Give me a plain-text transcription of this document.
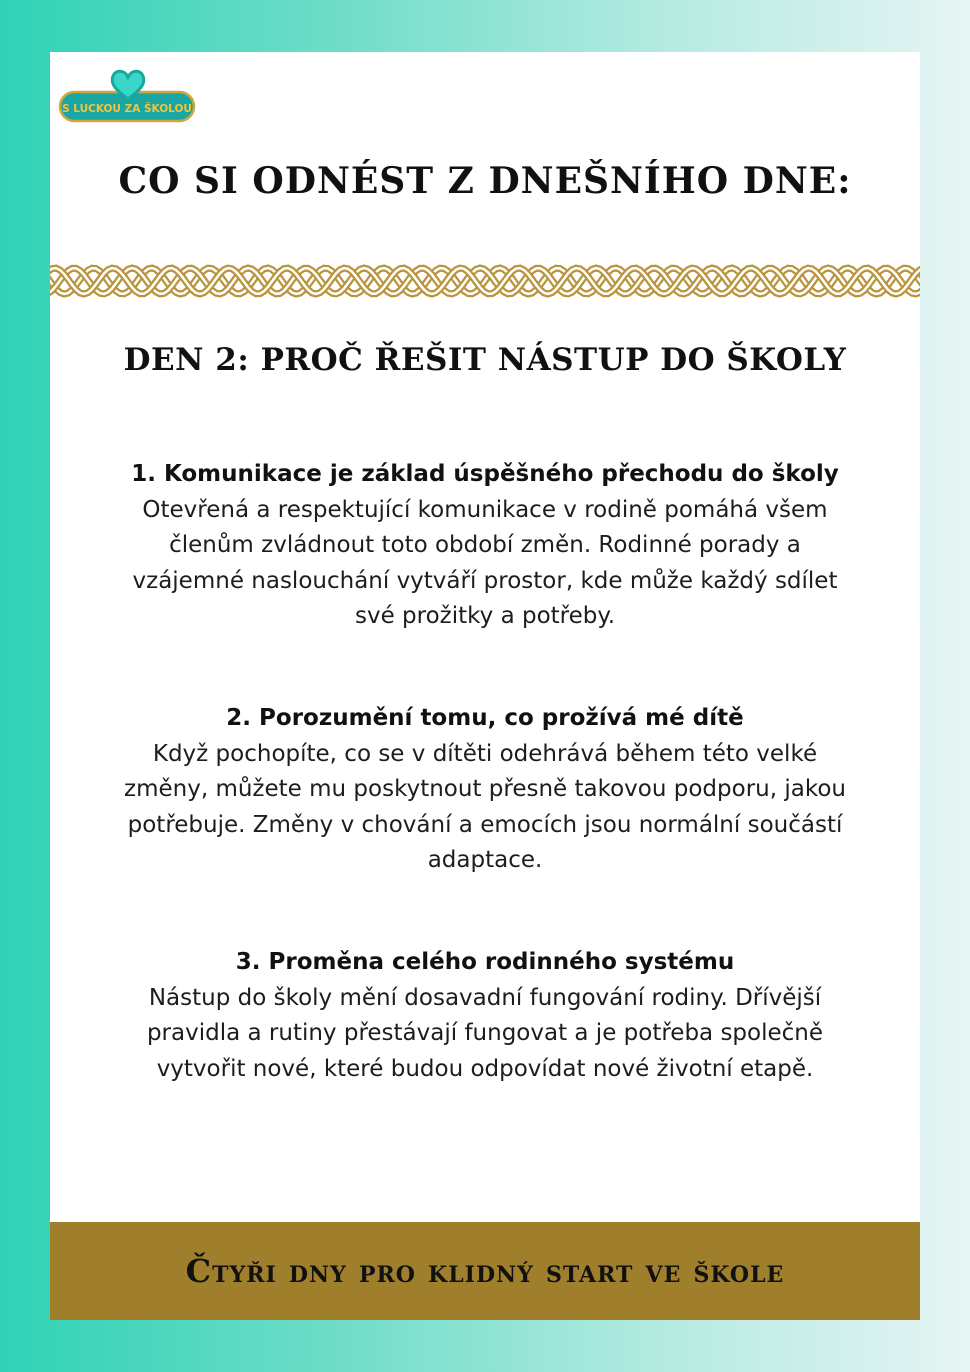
S LUCKOU ZA ŠKOLOU
CO SI ODNÉST Z DNEŠNÍHO DNE:
DEN 2: PROČ ŘEŠIT NÁSTUP DO ŠKOLY
1. Komunikace je základ úspěšného přechodu do školy

Otevřená a respektující komunikace v rodině pomáhá všem členům zvládnout toto období změn. Rodinné porady a vzájemné naslouchání vytváří prostor, kde může každý sdílet své prožitky a potřeby.

2. Porozumění tomu, co prožívá mé dítě

Když pochopíte, co se v dítěti odehrává během této velké změny, můžete mu poskytnout přesně takovou podporu, jakou potřebuje. Změny v chování a emocích jsou normální součástí adaptace.

3. Proměna celého rodinného systému

Nástup do školy mění dosavadní fungování rodiny. Dřívější pravidla a rutiny přestávají fungovat a je potřeba společně vytvořit nové, které budou odpovídat nové životní etapě.

Čtyři dny pro klidný start ve škole
